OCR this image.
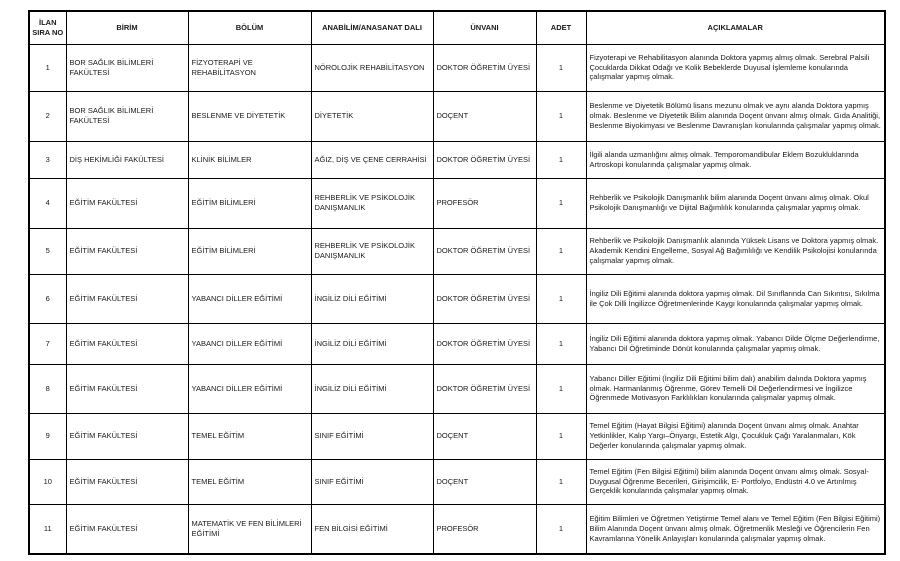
İLAN SIRA NO	BİRİM	BÖLÜM	ANABİLİM/ANASANAT DALI	ÜNVANI	ADET	AÇIKLAMALAR
1	BOR SAĞLIK BİLİMLERİ FAKÜLTESİ	FİZYOTERAPİ VE REHABİLİTASYON	NÖROLOJİK REHABİLİTASYON	DOKTOR ÖĞRETİM ÜYESİ	1	Fizyoterapi ve Rehabilitasyon alanında Doktora yapmış almış olmak. Serebral Palsili Çocuklarda Dikkat Odağı ve Kolik Bebeklerde Duyusal İşlemleme konularında çalışmalar yapmış olmak.
2	BOR SAĞLIK BİLİMLERİ FAKÜLTESİ	BESLENME VE DİYETETİK	DİYETETİK	DOÇENT	1	Beslenme ve Diyetetik Bölümü lisans mezunu olmak ve aynı alanda Doktora yapmış olmak. Beslenme ve Diyetetik Bilim alanında Doçent ünvanı almış olmak. Gıda Analitiği, Beslenme Biyokimyası ve Beslenme Davranışları konularında çalışmalar yapmış olmak.
3	DİŞ HEKİMLİĞİ FAKÜLTESİ	KLİNİK BİLİMLER	AĞIZ, DİŞ VE ÇENE CERRAHİSİ	DOKTOR ÖĞRETİM ÜYESİ	1	İlgili alanda uzmanlığını almış olmak. Temporomandibular Eklem Bozukluklarında Artroskopi konularında çalışmalar yapmış olmak.
4	EĞİTİM FAKÜLTESİ	EĞİTİM BİLİMLERİ	REHBERLİK VE PSİKOLOJİK DANIŞMANLIK	PROFESÖR	1	Rehberlik ve Psikolojik Danışmanlık bilim alanında Doçent ünvanı almış olmak. Okul Psikolojik Danışmanlığı ve Dijital Bağımlılık konularında çalışmalar yapmış olmak.
5	EĞİTİM FAKÜLTESİ	EĞİTİM BİLİMLERİ	REHBERLİK VE PSİKOLOJİK DANIŞMANLIK	DOKTOR ÖĞRETİM ÜYESİ	1	Rehberlik ve Psikolojik Danışmanlık alanında Yüksek Lisans ve Doktora yapmış olmak. Akademik Kendini Engelleme, Sosyal Ağ Bağımlılığı ve Kendilik Psikolojisi konularında çalışmalar yapmış olmak.
6	EĞİTİM FAKÜLTESİ	YABANCI DİLLER EĞİTİMİ	İNGİLİZ DİLİ EĞİTİMİ	DOKTOR ÖĞRETİM ÜYESİ	1	İngiliz Dili Eğitimi alanında doktora yapmış olmak. Dil Sınıflarında Can Sıkıntısı, Sıkılma ile Çok Dilli İngilizce Öğretmenlerinde Kaygı konularında çalışmalar yapmış olmak.
7	EĞİTİM FAKÜLTESİ	YABANCI DİLLER EĞİTİMİ	İNGİLİZ DİLİ EĞİTİMİ	DOKTOR ÖĞRETİM ÜYESİ	1	İngiliz Dili Eğitimi alanında doktora yapmış olmak. Yabancı Dilde Ölçme Değerlendirme, Yabancı Dil Öğretiminde Dönüt konularında çalışmalar yapmış olmak.
8	EĞİTİM FAKÜLTESİ	YABANCI DİLLER EĞİTİMİ	İNGİLİZ DİLİ EĞİTİMİ	DOKTOR ÖĞRETİM ÜYESİ	1	Yabancı Diller Eğitimi (İngiliz Dili Eğitimi bilim dalı) anabilim dalında Doktora yapmış olmak. Harmanlanmış Öğrenme, Görev Temelli Dil Değerlendirmesi ve İngilizce Öğrenmede Motivasyon Farklılıkları konularında çalışmalar yapmış olmak.
9	EĞİTİM FAKÜLTESİ	TEMEL EĞİTİM	SINIF EĞİTİMİ	DOÇENT	1	Temel Eğitim (Hayat Bilgisi Eğitimi) alanında Doçent ünvanı almış olmak. Anahtar Yetkinlikler, Kalıp Yargı–Önyargı, Estetik Algı, Çocukluk Çağı Yaralanmaları, Kök Değerler konularında çalışmalar yapmış olmak.
10	EĞİTİM FAKÜLTESİ	TEMEL EĞİTİM	SINIF EĞİTİMİ	DOÇENT	1	Temel Eğitim (Fen Bilgisi Eğitimi) bilim alanında Doçent ünvanı almış olmak. Sosyal-Duygusal Öğrenme Becerileri, Girişimcilik, E- Portfolyo, Endüstri 4.0 ve Artırılmış Gerçeklik konularında çalışmalar yapmış olmak.
11	EĞİTİM FAKÜLTESİ	MATEMATİK VE FEN BİLİMLERİ EĞİTİMİ	FEN BİLGİSİ EĞİTİMİ	PROFESÖR	1	Eğitim Bilimleri ve Öğretmen Yetiştirme Temel alanı ve Temel Eğitim (Fen Bilgisi Eğitimi) Bilim Alanında Doçent ünvanı almış olmak. Öğretmenlik Mesleği ve Öğrencilerin Fen Kavramlarına Yönelik Anlayışları konularında çalışmalar yapmış olmak.
